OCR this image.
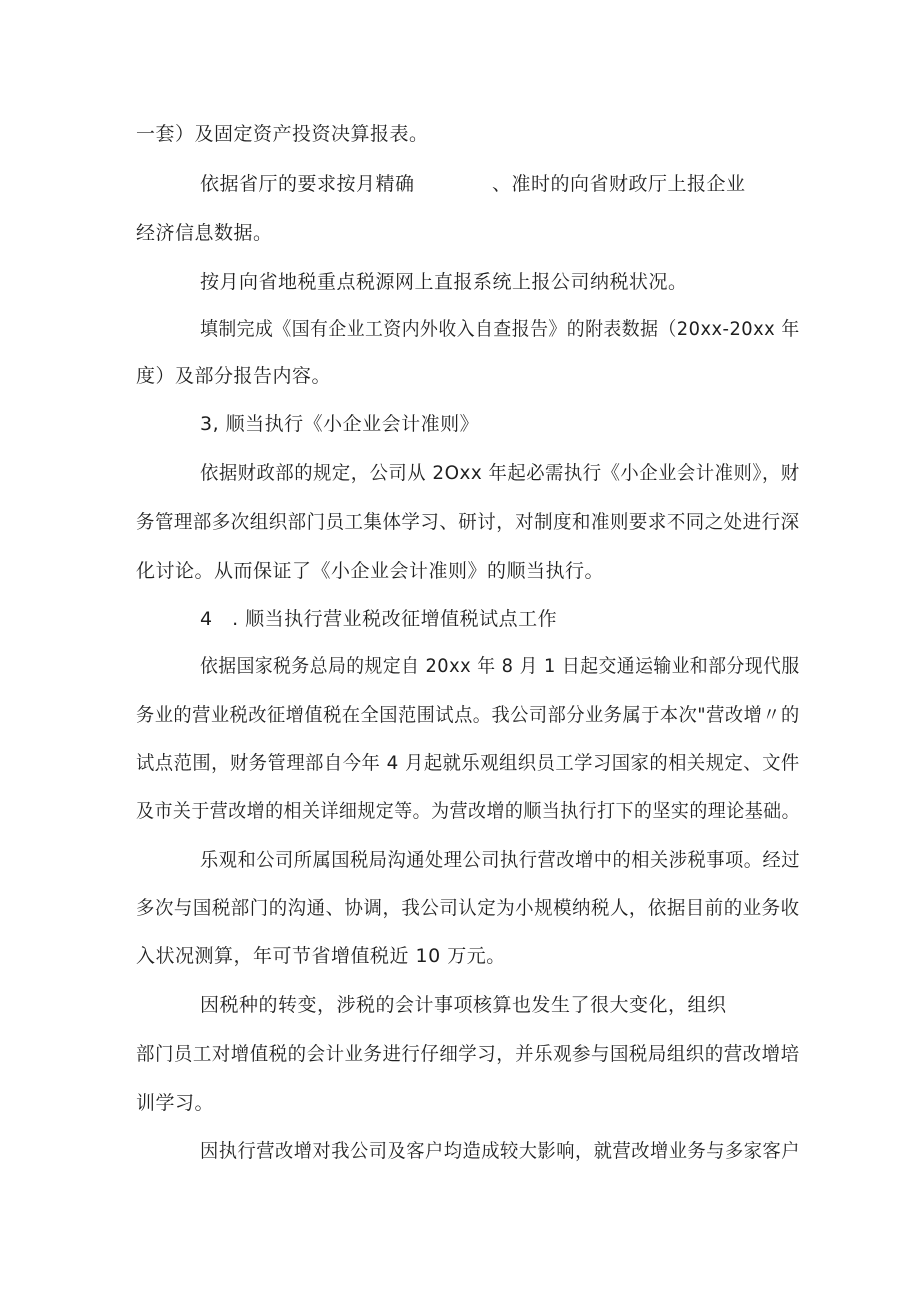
一套）及固定资产投资决算报表。
依据省厅的要求按月精确	、准时的向省财政厅上报企业
经济信息数据。
按月向省地税重点税源网上直报系统上报公司纳税状况。
填制完成《国有企业工资内外收入自查报告》的附表数据（20xx-20xx 年
度）及部分报告内容。
3, 顺当执行《小企业会计准则》
依据财政部的规定，公司从 2Oxx 年起必需执行《小企业会计准则》，财
务管理部多次组织部门员工集体学习、研讨，对制度和准则要求不同之处进行深
化讨论。从而保证了《小企业会计准则》的顺当执行。
4　. 顺当执行营业税改征增值税试点工作
依据国家税务总局的规定自 20xx 年 8 月 1 日起交通运输业和部分现代服
务业的营业税改征增值税在全国范围试点。我公司部分业务属于本次"营改增〃的
试点范围，财务管理部自今年 4 月起就乐观组织员工学习国家的相关规定、文件
及市关于营改增的相关详细规定等。为营改增的顺当执行打下的坚实的理论基础。
乐观和公司所属国税局沟通处理公司执行营改增中的相关涉税事项。经过
多次与国税部门的沟通、协调，我公司认定为小规模纳税人，依据目前的业务收
入状况测算，年可节省增值税近 10 万元。
因税种的转变，涉税的会计事项核算也发生了很大变化，组织
部门员工对增值税的会计业务进行仔细学习，并乐观参与国税局组织的营改增培
训学习。
因执行营改增对我公司及客户均造成较大影响，就营改增业务与多家客户
